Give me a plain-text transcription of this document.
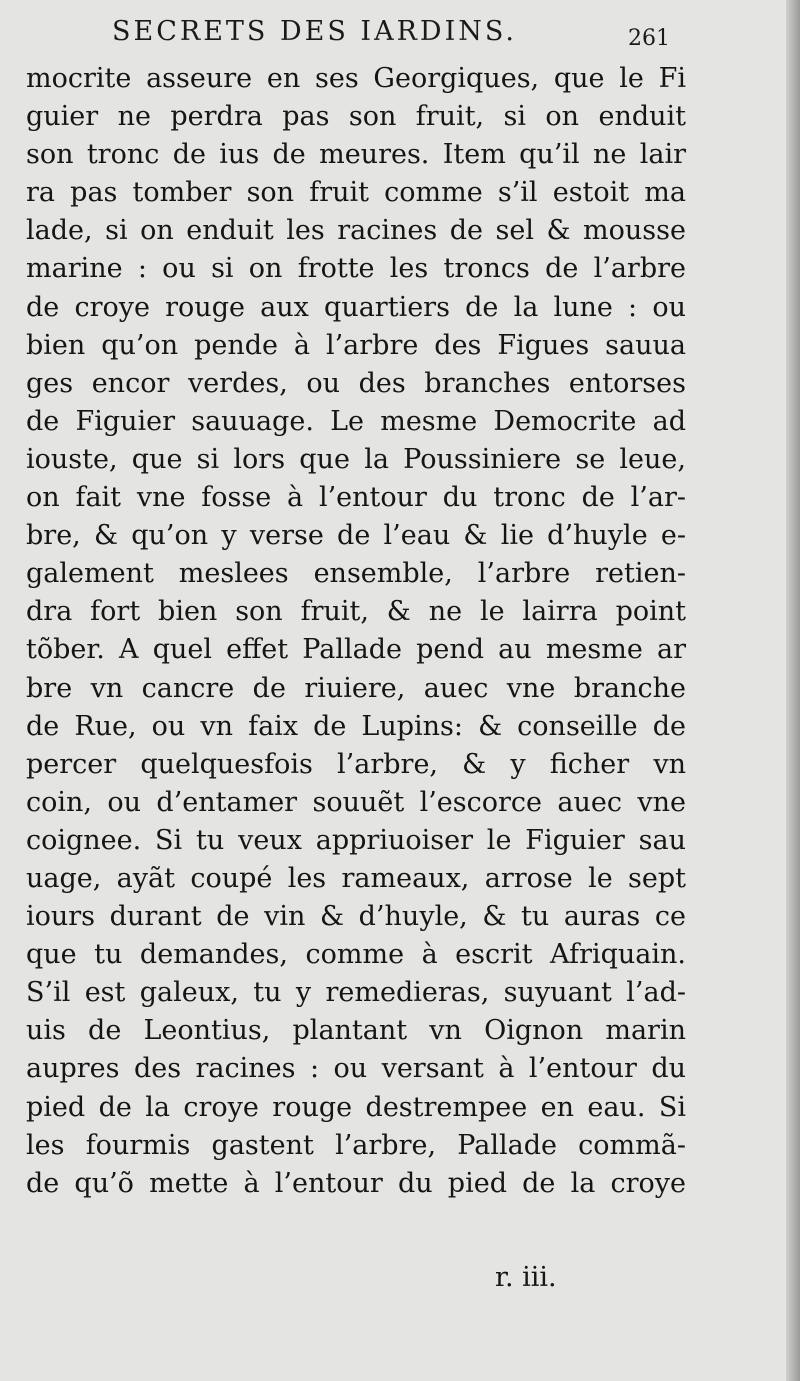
SECRETS DES IARDINS.	261
mocrite asseure en ses Georgiques, que le Fi
guier ne perdra pas son fruit, si on enduit
son tronc de ius de meures. Item qu’il ne lair
ra pas tomber son fruit comme s’il estoit ma
lade, si on enduit les racines de sel & mousse
marine : ou si on frotte les troncs de l’arbre
de croye rouge aux quartiers de la lune : ou
bien qu’on pende à l’arbre des Figues sauua
ges encor verdes, ou des branches entorses
de Figuier sauuage. Le mesme Democrite ad
iouste, que si lors que la Poussiniere se leue,
on fait vne fosse à l’entour du tronc de l’ar-
bre, & qu’on y verse de l’eau & lie d’huyle e-
galement meslees ensemble, l’arbre retien-
dra fort bien son fruit, & ne le lairra point
tõber. A quel effet Pallade pend au mesme ar
bre vn cancre de riuiere, auec vne branche
de Rue, ou vn faix de Lupins: & conseille de
percer quelquesfois l’arbre, & y ficher vn
coin, ou d’entamer souuẽt l’escorce auec vne
coignee. Si tu veux appriuoiser le Figuier sau
uage, ayãt coupé les rameaux, arrose le sept
iours durant de vin & d’huyle, & tu auras ce
que tu demandes, comme à escrit Afriquain.
S’il est galeux, tu y remedieras, suyuant l’ad-
uis de Leontius, plantant vn Oignon marin
aupres des racines : ou versant à l’entour du
pied de la croye rouge destrempee en eau. Si
les fourmis gastent l’arbre, Pallade commã-
de qu’õ mette à l’entour du pied de la croye
r. iii.
